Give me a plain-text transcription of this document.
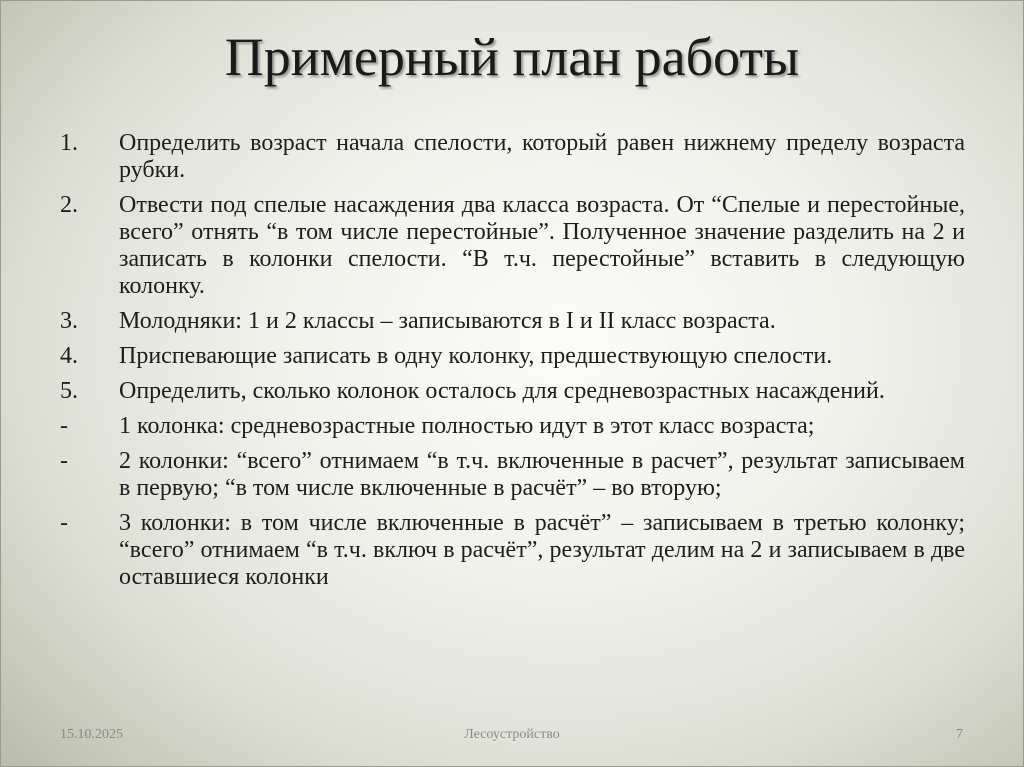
Примерный план работы
1.	Определить возраст начала спелости, который равен нижнему пределу возраста рубки.
2.	Отвести под спелые насаждения два класса возраста. От “Спелые и перестойные, всего” отнять “в том числе перестойные”. Полученное значение разделить на 2 и записать в колонки спелости. “В т.ч. перестойные” вставить в следующую колонку.
3.	Молодняки: 1 и 2 классы – записываются в I и II класс возраста.
4.	Приспевающие записать в одну колонку, предшествующую спелости.
5.	Определить, сколько колонок осталось для средневозрастных насаждений.
-	1 колонка: средневозрастные полностью идут в этот класс возраста;
-	2 колонки: “всего” отнимаем “в т.ч. включенные в расчет”, результат записываем в первую; “в том числе включенные в расчёт” – во вторую;
-	3 колонки: в том числе включенные в расчёт” – записываем в третью колонку; “всего” отнимаем “в т.ч. включ в расчёт”, результат делим на 2 и записываем в две оставшиеся колонки
15.10.2025	Лесоустройство	7
